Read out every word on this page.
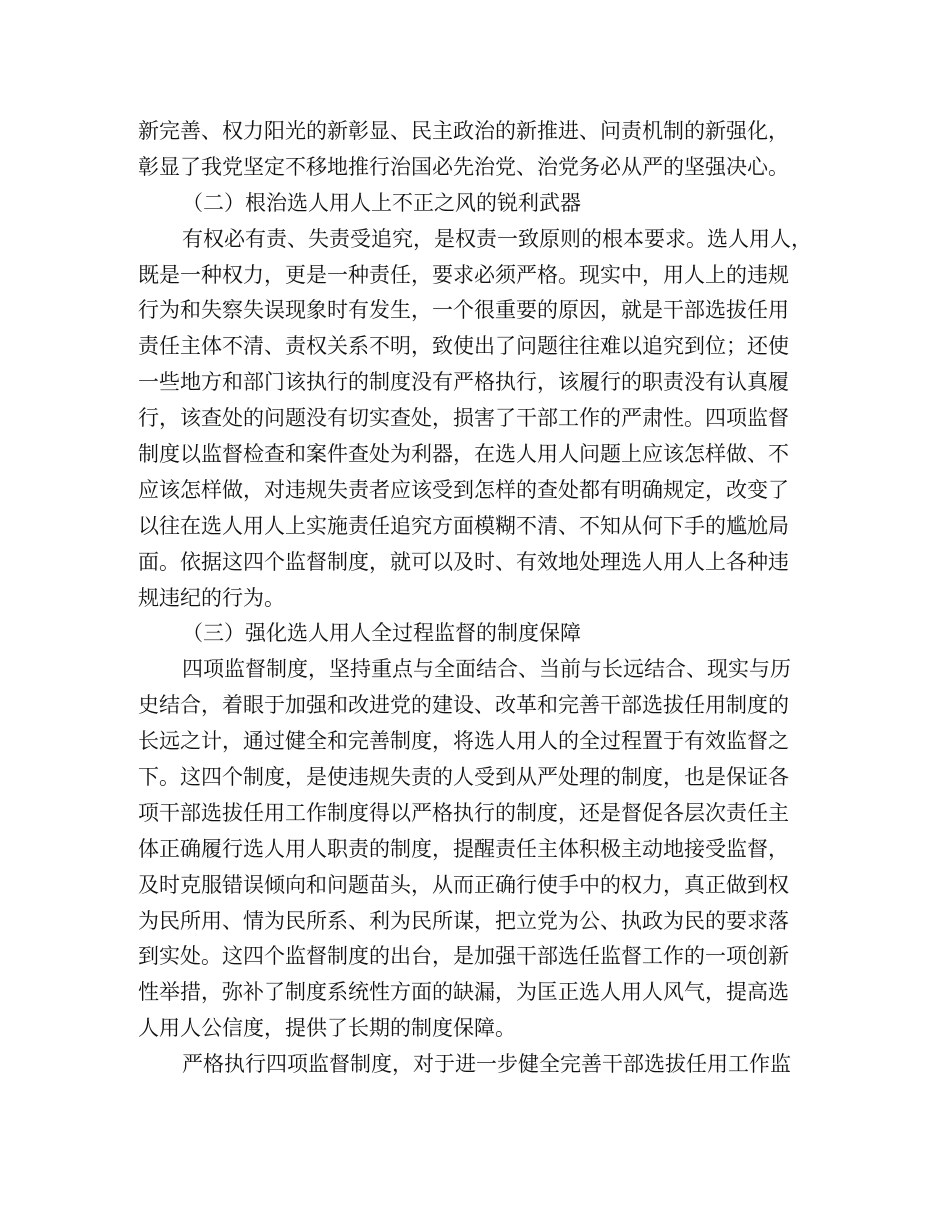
新完善、权力阳光的新彰显、民主政治的新推进、问责机制的新强化，
彰显了我党坚定不移地推行治国必先治党、治党务必从严的坚强决心。
（二）根治选人用人上不正之风的锐利武器
有权必有责、失责受追究，是权责一致原则的根本要求。选人用人，
既是一种权力，更是一种责任，要求必须严格。现实中，用人上的违规
行为和失察失误现象时有发生，一个很重要的原因，就是干部选拔任用
责任主体不清、责权关系不明，致使出了问题往往难以追究到位；还使
一些地方和部门该执行的制度没有严格执行，该履行的职责没有认真履
行，该查处的问题没有切实查处，损害了干部工作的严肃性。四项监督
制度以监督检查和案件查处为利器，在选人用人问题上应该怎样做、不
应该怎样做，对违规失责者应该受到怎样的查处都有明确规定，改变了
以往在选人用人上实施责任追究方面模糊不清、不知从何下手的尴尬局
面。依据这四个监督制度，就可以及时、有效地处理选人用人上各种违
规违纪的行为。
（三）强化选人用人全过程监督的制度保障
四项监督制度，坚持重点与全面结合、当前与长远结合、现实与历
史结合，着眼于加强和改进党的建设、改革和完善干部选拔任用制度的
长远之计，通过健全和完善制度，将选人用人的全过程置于有效监督之
下。这四个制度，是使违规失责的人受到从严处理的制度，也是保证各
项干部选拔任用工作制度得以严格执行的制度，还是督促各层次责任主
体正确履行选人用人职责的制度，提醒责任主体积极主动地接受监督，
及时克服错误倾向和问题苗头，从而正确行使手中的权力，真正做到权
为民所用、情为民所系、利为民所谋，把立党为公、执政为民的要求落
到实处。这四个监督制度的出台，是加强干部选任监督工作的一项创新
性举措，弥补了制度系统性方面的缺漏，为匡正选人用人风气，提高选
人用人公信度，提供了长期的制度保障。
严格执行四项监督制度，对于进一步健全完善干部选拔任用工作监
